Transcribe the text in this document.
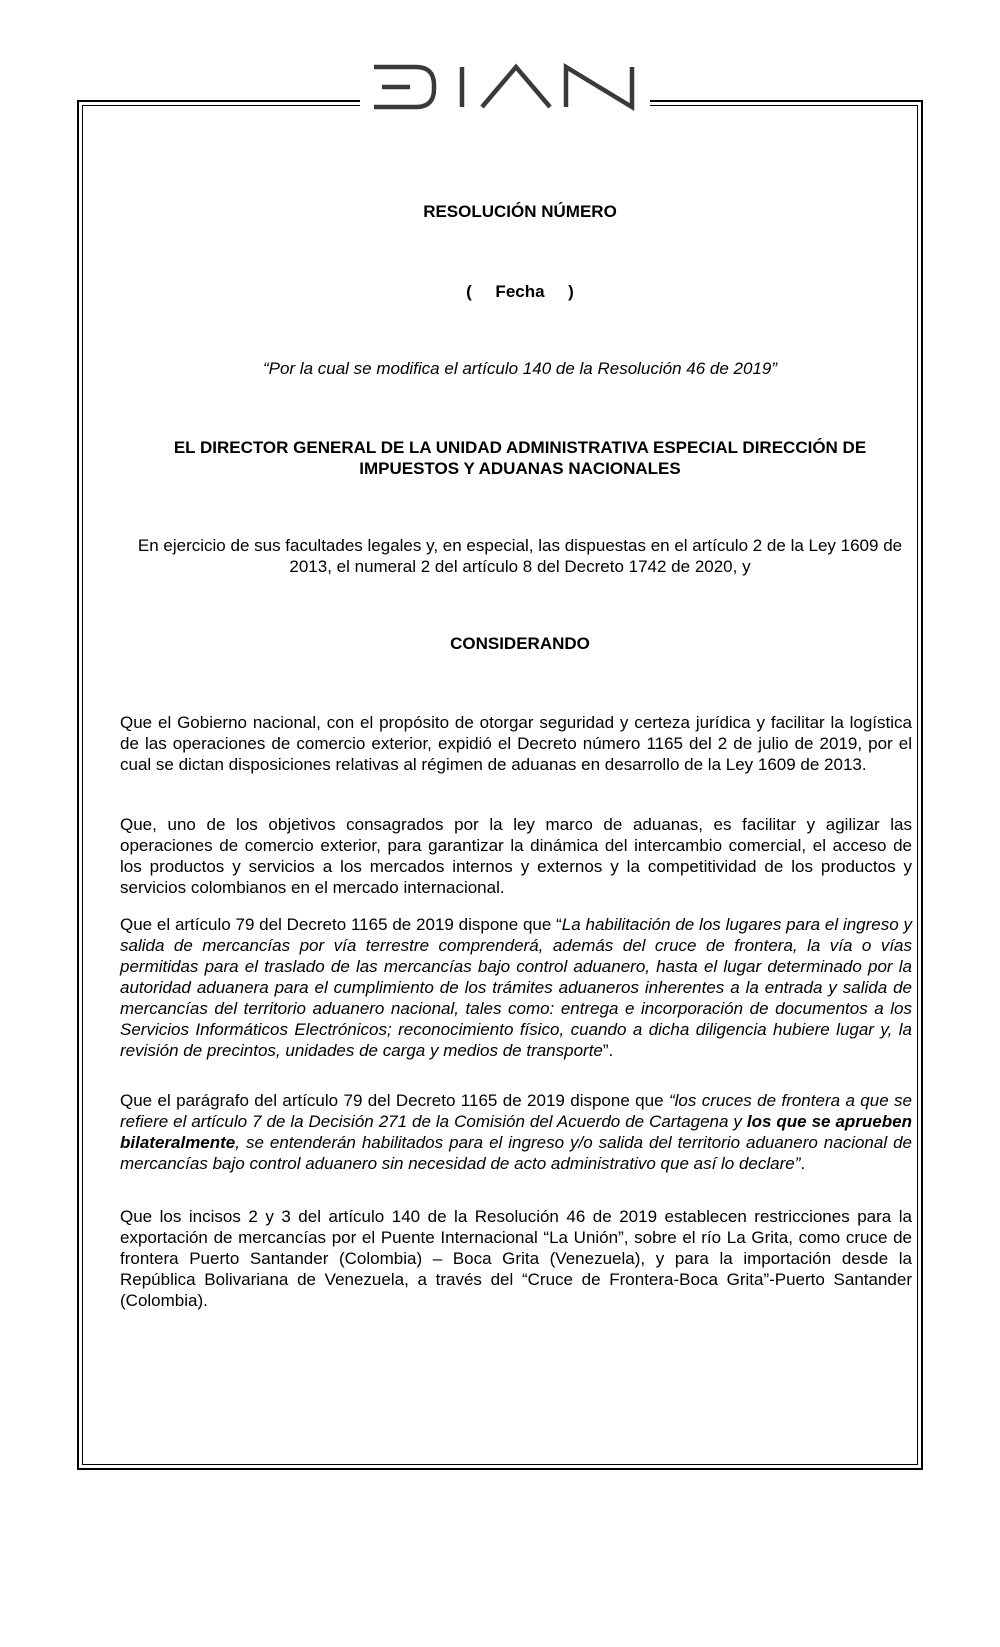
DIAN
RESOLUCIÓN NÚMERO
(     Fecha     )
“Por la cual se modifica el artículo 140 de la Resolución 46 de 2019”
EL DIRECTOR GENERAL DE LA UNIDAD ADMINISTRATIVA ESPECIAL DIRECCIÓN DE IMPUESTOS Y ADUANAS NACIONALES
En ejercicio de sus facultades legales y, en especial, las dispuestas en el artículo 2 de la Ley 1609 de 2013, el numeral 2 del artículo 8 del Decreto 1742 de 2020, y
CONSIDERANDO
Que el Gobierno nacional, con el propósito de otorgar seguridad y certeza jurídica y facilitar la logística de las operaciones de comercio exterior, expidió el Decreto número 1165 del 2 de julio de 2019, por el cual se dictan disposiciones relativas al régimen de aduanas en desarrollo de la Ley 1609 de 2013.
Que, uno de los objetivos consagrados por la ley marco de aduanas, es facilitar y agilizar las operaciones de comercio exterior, para garantizar la dinámica del intercambio comercial, el acceso de los productos y servicios a los mercados internos y externos y la competitividad de los productos y servicios colombianos en el mercado internacional.
Que el artículo 79 del Decreto 1165 de 2019 dispone que “La habilitación de los lugares para el ingreso y salida de mercancías por vía terrestre comprenderá, además del cruce de frontera, la vía o vías permitidas para el traslado de las mercancías bajo control aduanero, hasta el lugar determinado por la autoridad aduanera para el cumplimiento de los trámites aduaneros inherentes a la entrada y salida de mercancías del territorio aduanero nacional, tales como: entrega e incorporación de documentos a los Servicios Informáticos Electrónicos; reconocimiento físico, cuando a dicha diligencia hubiere lugar y, la revisión de precintos, unidades de carga y medios de transporte”.
Que el parágrafo del artículo 79 del Decreto 1165 de 2019 dispone que “los cruces de frontera a que se refiere el artículo 7 de la Decisión 271 de la Comisión del Acuerdo de Cartagena y los que se aprueben bilateralmente, se entenderán habilitados para el ingreso y/o salida del territorio aduanero nacional de mercancías bajo control aduanero sin necesidad de acto administrativo que así lo declare”.
Que los incisos 2 y 3 del artículo 140 de la Resolución 46 de 2019 establecen restricciones para la exportación de mercancías por el Puente Internacional “La Unión”, sobre el río La Grita, como cruce de frontera Puerto Santander (Colombia) – Boca Grita (Venezuela), y para la importación desde la República Bolivariana de Venezuela, a través del “Cruce de Frontera-Boca Grita”-Puerto Santander (Colombia).
